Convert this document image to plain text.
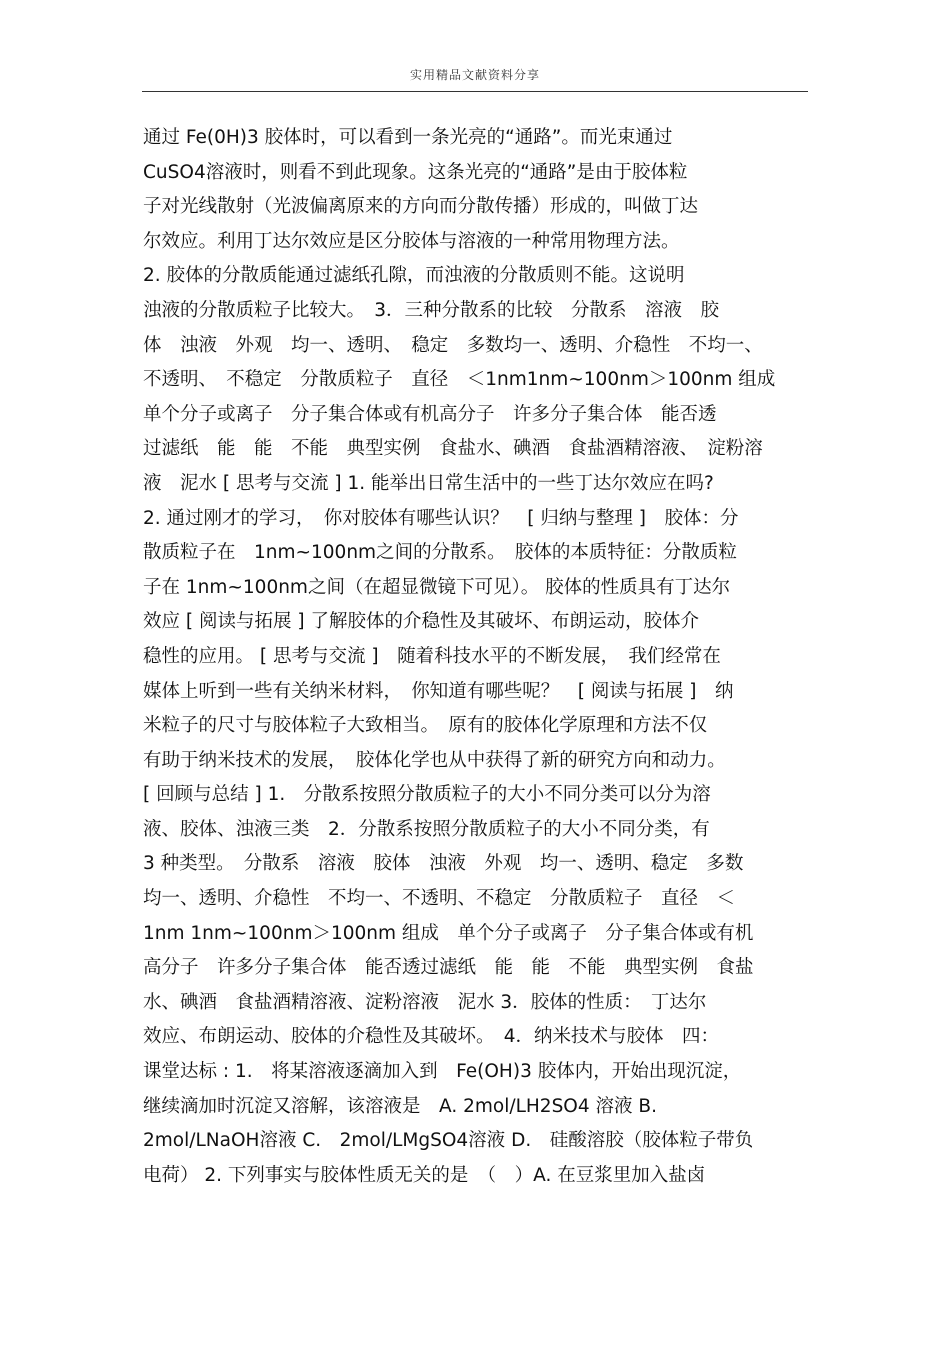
实用精品文献资料分享
通过 Fe(0H)3 胶体时，可以看到一条光亮的“通路”。而光束通过
CuSO4溶液时，则看不到此现象。这条光亮的“通路”是由于胶体粒
子对光线散射（光波偏离原来的方向而分散传播）形成的，叫做丁达
尔效应。利用丁达尔效应是区分胶体与溶液的一种常用物理方法。
2. 胶体的分散质能通过滤纸孔隙，而浊液的分散质则不能。这说明
浊液的分散质粒子比较大。　3．三种分散系的比较　分散系　溶液　胶
体　浊液　外观　均一、透明、　稳定　多数均一、透明、介稳性　不均一、
不透明、　不稳定　分散质粒子　直径　＜1nm1nm~100nm＞100nm 组成
单个分子或离子　分子集合体或有机高分子　许多分子集合体　能否透
过滤纸　能　能　不能　典型实例　食盐水、碘酒　食盐酒精溶液、　淀粉溶
液　泥水 [ 思考与交流 ] 1. 能举出日常生活中的一些丁达尔效应在吗?
2. 通过刚才的学习，　你对胶体有哪些认识？　[ 归纳与整理 ]　胶体：分
散质粒子在　1nm~100nm之间的分散系。　胶体的本质特征：分散质粒
子在 1nm~100nm之间（在超显微镜下可见）。 胶体的性质具有丁达尔
效应 [ 阅读与拓展 ] 了解胶体的介稳性及其破坏、布朗运动，胶体介
稳性的应用。 [ 思考与交流 ]　随着科技水平的不断发展，　我们经常在
媒体上听到一些有关纳米材料，　你知道有哪些呢？　[ 阅读与拓展 ]　纳
米粒子的尺寸与胶体粒子大致相当。　原有的胶体化学原理和方法不仅
有助于纳米技术的发展，　胶体化学也从中获得了新的研究方向和动力。
[ 回顾与总结 ] 1.　分散系按照分散质粒子的大小不同分类可以分为溶
液、胶体、浊液三类　2．分散系按照分散质粒子的大小不同分类，有
3 种类型。　分散系　溶液　胶体　浊液　外观　均一、透明、稳定　多数
均一、透明、介稳性　不均一、不透明、不稳定　分散质粒子　直径　＜
1nm 1nm~100nm＞100nm 组成　单个分子或离子　分子集合体或有机
高分子　许多分子集合体　能否透过滤纸　能　能　不能　典型实例　食盐
水、碘酒　食盐酒精溶液、淀粉溶液　泥水 3．胶体的性质：　丁达尔
效应、布朗运动、胶体的介稳性及其破坏。　4．纳米技术与胶体　四：
课堂达标 : 1.　将某溶液逐滴加入到　Fe(OH)3 胶体内，开始出现沉淀，
继续滴加时沉淀又溶解，该溶液是　A. 2mol/LH2SO4 溶液 B.
2mol/LNaOH溶液 C.　2mol/LMgSO4溶液 D.　硅酸溶胶（胶体粒子带负
电荷） 2. 下列事实与胶体性质无关的是　（　）A. 在豆浆里加入盐卤
